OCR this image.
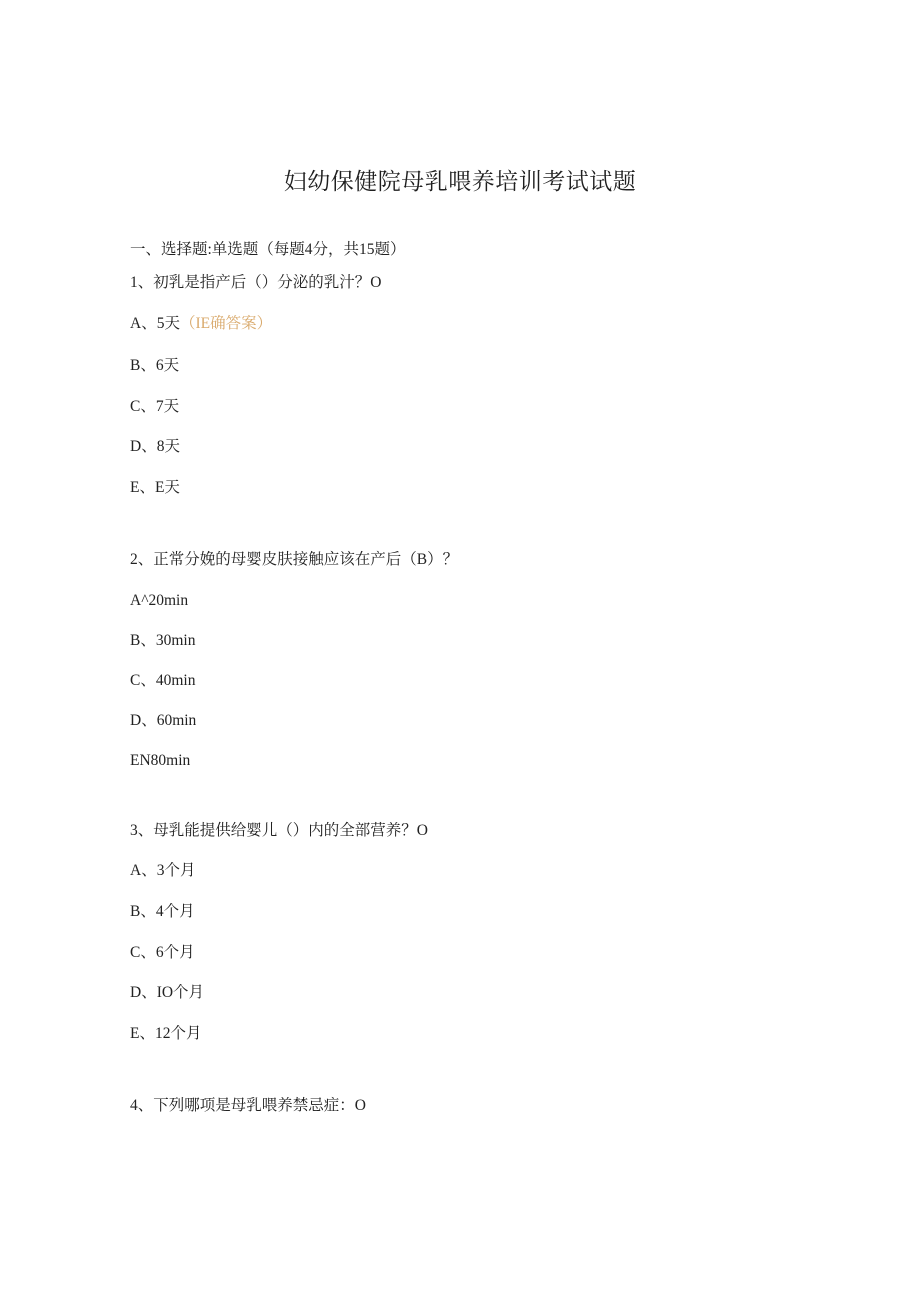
妇幼保健院母乳喂养培训考试试题
一、选择题:单选题（每题4分，共15题）
1、初乳是指产后（）分泌的乳汁？O
A、5天（IE确答案）
B、6天
C、7天
D、8天
E、E天
2、正常分娩的母婴皮肤接触应该在产后（B）？
A^20min
B、30min
C、40min
D、60min
EN80min
3、母乳能提供给婴儿（）内的全部营养？O
A、3个月
B、4个月
C、6个月
D、IO个月
E、12个月
4、下列哪项是母乳喂养禁忌症：O
